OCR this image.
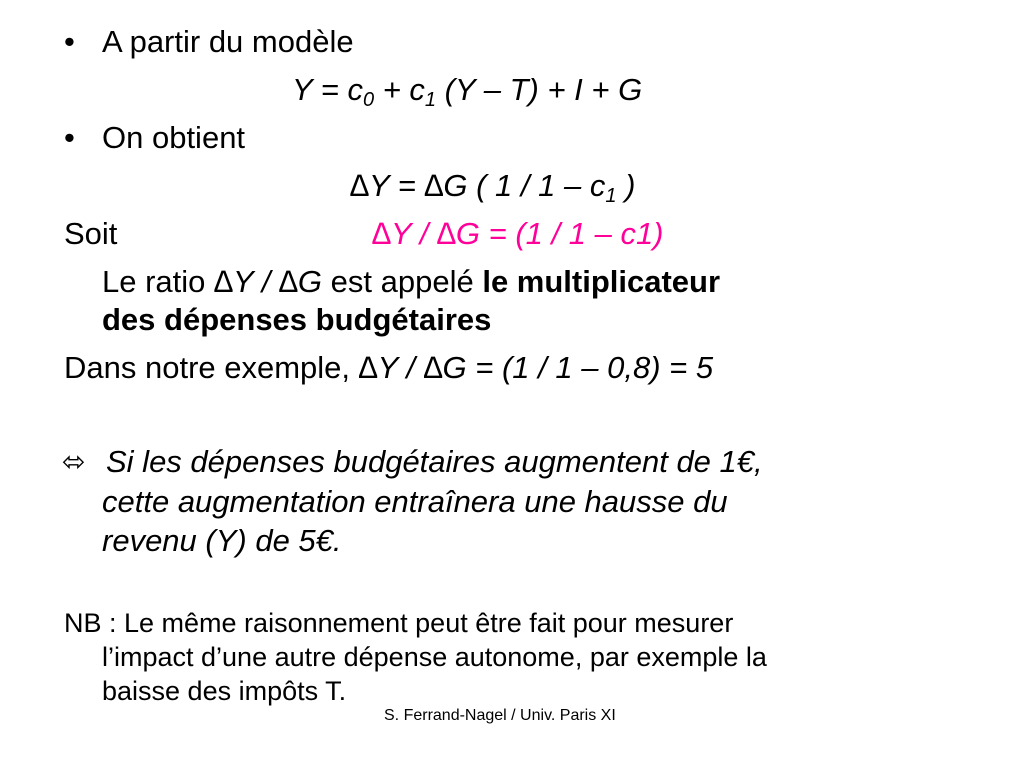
• A partir du modèle
$Y = c_0 + c_1$ (Y – T) + I + G
• On obtient
∆Y = ∆G ( $1 / 1 - c_1$ )
Soit	∆Y / ∆G = (1 / 1 – c1)
Le ratio ∆Y / ∆G est appelé le multiplicateur
des dépenses budgétaires
Dans notre exemple, ∆Y / ∆G = (1 / 1 – 0,8) = 5
⬄ Si les dépenses budgétaires augmentent de 1€,
cette augmentation entraînera une hausse du
revenu (Y) de 5€.
NB : Le même raisonnement peut être fait pour mesurer
l’impact d’une autre dépense autonome, par exemple la
baisse des impôts T.
S. Ferrand-Nagel / Univ. Paris XI
